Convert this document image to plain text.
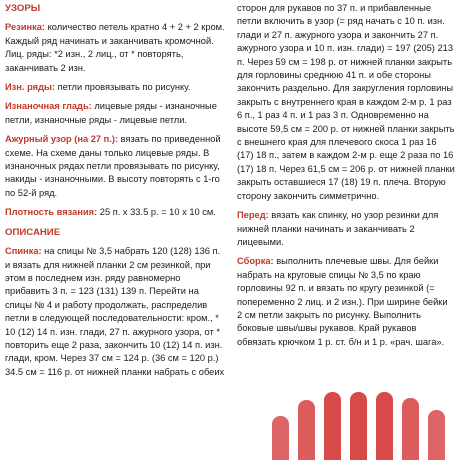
УЗОРЫ

Резинка: количество петель кратно 4 + 2 + 2 кром. Каждый ряд начинать и заканчивать кромочной. Лиц. ряды: *2 изн., 2 лиц., от * повторять, заканчивать 2 изн.

Изн. ряды: петли провязывать по рисунку.

Изнаночная гладь: лицевые ряды - изнаночные петли, изнаночные ряды - лицевые петли.

Ажурный узор (на 27 п.): вязать по приведенной схеме. На схеме даны только лицевые ряды. В изнаночных рядах петли провязывать по рисунку, накиды - изнаночными. В высоту повторять с 1-го по 52-й ряд.

Плотность вязания: 25 п. х 33.5 р. = 10 х 10 см.

ОПИСАНИЕ

Спинка: на спицы № 3,5 набрать 120 (128) 136 п. и вязать для нижней планки 2 см резинкой, при этом в последнем изн. ряду равномерно прибавить 3 п. = 123 (131) 139 п. Перейти на спицы № 4 и работу продолжать, распределив петли в следующей последовательности: кром., * 10 (12) 14 п. изн. глади, 27 п. ажурного узора, от * повторить еще 2 раза, закончить 10 (12) 14 п. изн. глади, кром. Через 37 см = 124 р. (36 см = 120 р.) 34.5 см = 116 р. от нижней планки набрать с обеих

сторон для рукавов по 37 п. и прибавленные петли включить в узор (= ряд начать с 10 п. изн. глади и 27 п. ажурного узора и закончить 27 п. ажурного узора и 10 п. изн. глади) = 197 (205) 213 п. Через 59 см = 198 р. от нижней планки закрыть для горловины среднюю 41 п. и обе стороны закончить раздельно. Для закругления горловины закрыть с внутреннего края в каждом 2-м р. 1 раз 6 п., 1 раз 4 п. и 1 раз 3 п. Одновременно на высоте 59,5 см = 200 р. от нижней планки закрыть с внешнего края для плечевого скоса 1 раз 16 (17) 18 п., затем в каждом 2-м р. еще 2 раза по 16 (17) 18 п. Через 61,5 см = 206 р. от нижней планки закрыть оставшиеся 17 (18) 19 п. плеча. Вторую сторону закончить симметрично.

Перед: вязать как спинку, но узор резинки для нижней планки начинать и заканчивать 2 лицевыми.

Сборка: выполнить плечевые швы. Для бейки набрать на круговые спицы № 3,5 по краю горловины 92 п. и вязать по кругу резинкой (= попеременно 2 лиц. и 2 изн.). При ширине бейки 2 см петли закрыть по рисунку. Выполнить боковые швы/швы рукавов. Край рукавов обвязать крючком 1 р. ст. б/н и 1 р. «рач. шага».
